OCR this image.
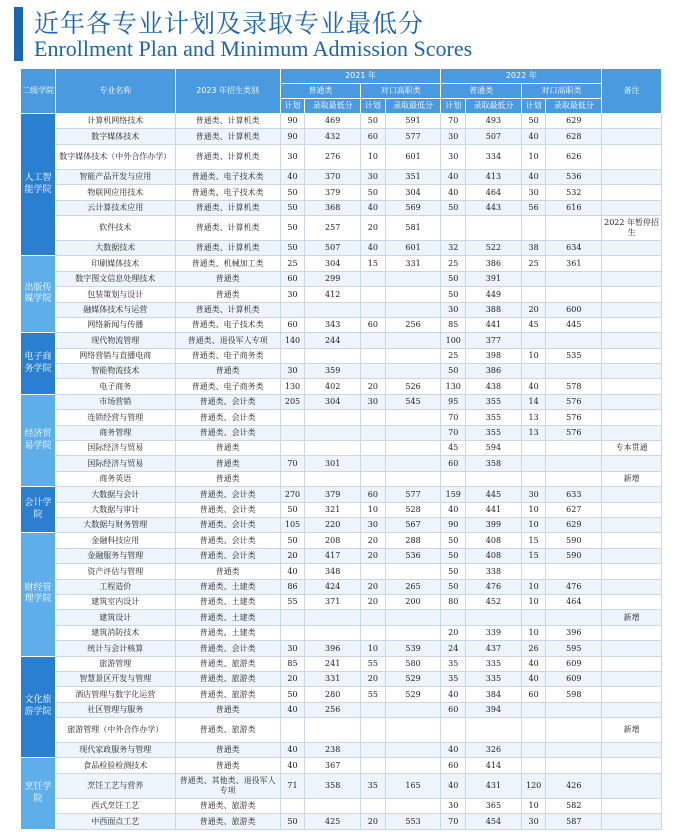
近年各专业计划及录取专业最低分
Enrollment Plan and Minimum Admission Scores
二级学院	专业名称	2023 年招生类别	2021 年				2022 年				备注
			普通类		对口高职类		普通类		对口高职类		
			计划	录取最低分	计划	录取最低分	计划	录取最低分	计划	录取最低分	
人工智能学院	计算机网络技术	普通类、计算机类	90	469	50	591	70	493	50	629	
	数字媒体技术	普通类、计算机类	90	432	60	577	30	507	40	628	
	数字媒体技术（中外合作办学）	普通类、计算机类	30	276	10	601	30	334	10	626	
	智能产品开发与应用	普通类、电子技术类	40	370	30	351	40	413	40	536	
	物联网应用技术	普通类、电子技术类	50	379	50	304	40	464	30	532	
	云计算技术应用	普通类、计算机类	50	368	40	569	50	443	56	616	
	软件技术	普通类、计算机类	50	257	20	581					2022 年暂停招生
	大数据技术	普通类、计算机类	50	507	40	601	32	522	38	634	
出版传媒学院	印刷媒体技术	普通类、机械加工类	25	304	15	331	25	386	25	361	
	数字图文信息处理技术	普通类	60	299			50	391			
	包装策划与设计	普通类	30	412			50	449			
	融媒体技术与运营	普通类、计算机类					30	388	20	600	
	网络新闻与传播	普通类、电子技术类	60	343	60	256	85	441	45	445	
电子商务学院	现代物流管理	普通类、退役军人专项	140	244			100	377			
	网络营销与直播电商	普通类、电子商务类					25	398	10	535	
	智能物流技术	普通类	30	359			50	386			
	电子商务	普通类、电子商务类	130	402	20	526	130	438	40	578	
经济贸易学院	市场营销	普通类、会计类	205	304	30	545	95	355	14	576	
	连锁经营与管理	普通类、会计类					70	355	13	576	
	商务管理	普通类、会计类					70	355	13	576	
	国际经济与贸易	普通类					45	594			专本贯通
	国际经济与贸易	普通类	70	301			60	358			
	商务英语	普通类									新增
会计学院	大数据与会计	普通类、会计类	270	379	60	577	159	445	30	633	
	大数据与审计	普通类、会计类	50	321	10	528	40	441	10	627	
	大数据与财务管理	普通类、会计类	105	220	30	567	90	399	10	629	
财经管理学院	金融科技应用	普通类、会计类	50	208	20	288	50	408	15	590	
	金融服务与管理	普通类、会计类	20	417	20	536	50	408	15	590	
	资产评估与管理	普通类	40	348			50	338			
	工程造价	普通类、土建类	86	424	20	265	50	476	10	476	
	建筑室内设计	普通类、土建类	55	371	20	200	80	452	10	464	
	建筑设计	普通类、土建类									新增
	建筑消防技术	普通类、土建类					20	339	10	396	
	统计与会计核算	普通类、会计类	30	396	10	539	24	437	26	595	
文化旅游学院	旅游管理	普通类、旅游类	85	241	55	580	35	335	40	609	
	智慧景区开发与管理	普通类、旅游类	20	331	20	529	35	335	40	609	
	酒店管理与数字化运营	普通类、旅游类	50	280	55	529	40	384	60	598	
	社区管理与服务	普通类	40	256			60	394			
	旅游管理（中外合作办学）	普通类、旅游类									新增
	现代家政服务与管理	普通类	40	238			40	326			
烹饪学院	食品检验检测技术	普通类	40	367			60	414			
	烹饪工艺与营养	普通类、其他类、退役军人专项	71	358	35	165	40	431	120	426	
	西式烹饪工艺	普通类、旅游类					30	365	10	582	
	中西面点工艺	普通类、旅游类	50	425	20	553	70	454	30	587	
